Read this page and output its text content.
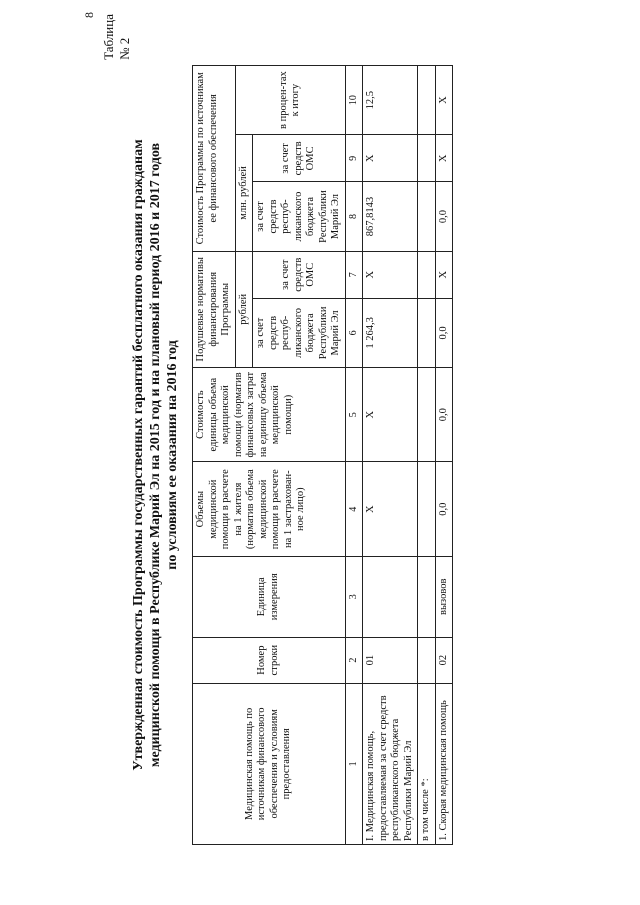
8 Таблица № 2
Утвержденная стоимость Программы государственных гарантий бесплатного оказания гражданам медицинской помощи в Республике Марий Эл на 2015 год и на плановый период 2016 и 2017 годов по условиям ее оказания на 2016 год
Медицинская помощь по источникам финансового обеспечения и условиям предоставления	Номер строки	Единица измерения	Объемы медицинской помощи в расчете на 1 жителя (норматив объема медицинской помощи в расчете на 1 застрахован-ное лицо)	Стоимость единицы объема медицинской помощи (норматив финансовых затрат на единицу объема медицинской помощи)	Подушевые нормативы финансирования Программы		Стоимость Программы по источникам ее финансового обеспечения		
					рублей		млн. рублей		в процен-тах к итогу
					за счет средств респуб-ликанского бюджета Республики Марий Эл	за счет средств ОМС	за счет средств респуб-ликанского бюджета Республики Марий Эл	за счет средств ОМС	
1	2	3	4	5	6	7	8	9	10
I. Медицинская помощь, предоставляемая за счет средств республиканского бюджета Республики Марий Эл	01		X	X	1 264,3	X	867,8143	X	12,5
в том числе *:									
1. Скорая медицинская помощь	02	вызовов	0,0	0,0	0,0	X	0,0	X	X
